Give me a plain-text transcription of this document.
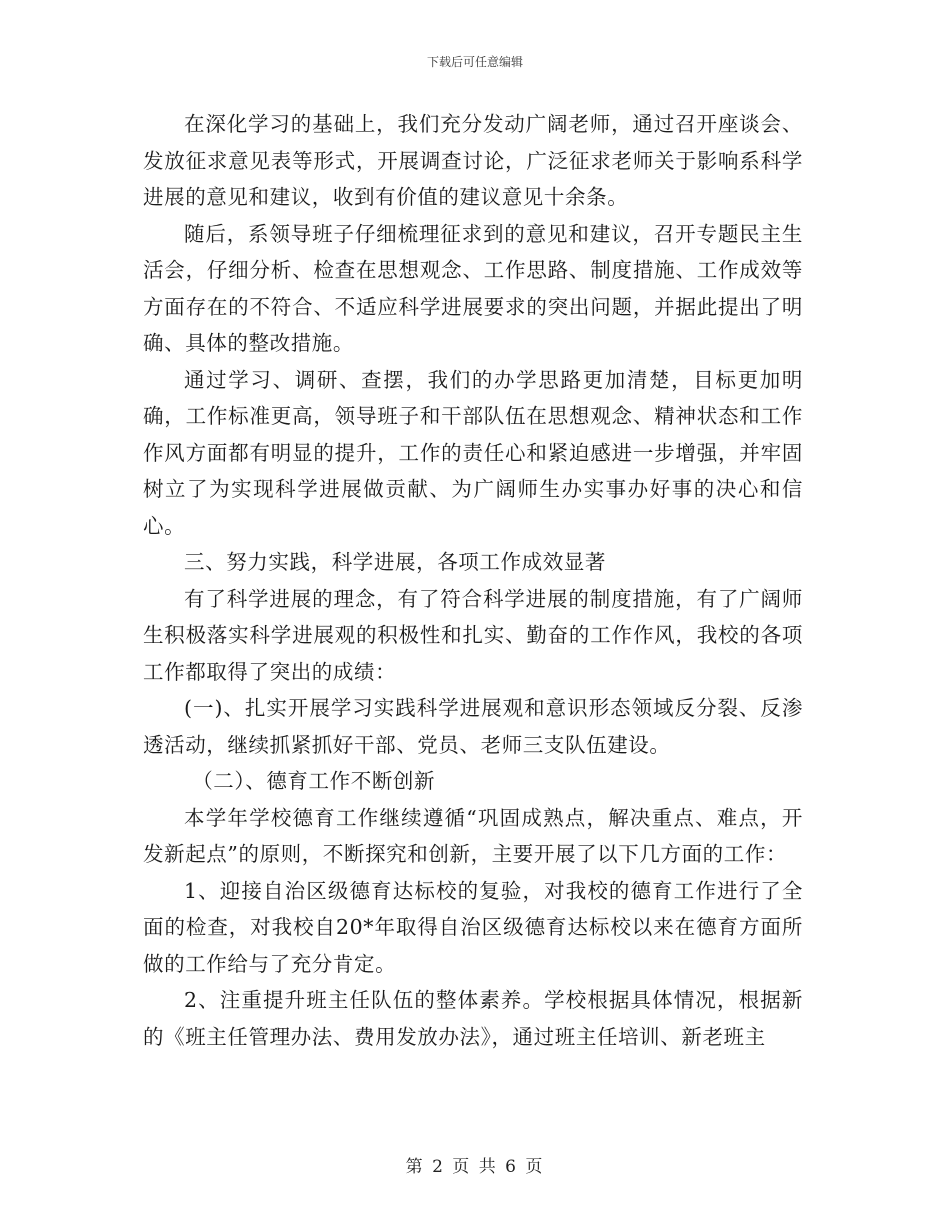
下载后可任意编辑

在深化学习的基础上，我们充分发动广阔老师，通过召开座谈会、发放征求意见表等形式，开展调查讨论，广泛征求老师关于影响系科学进展的意见和建议，收到有价值的建议意见十余条。

随后，系领导班子仔细梳理征求到的意见和建议，召开专题民主生活会，仔细分析、检查在思想观念、工作思路、制度措施、工作成效等方面存在的不符合、不适应科学进展要求的突出问题，并据此提出了明确、具体的整改措施。

通过学习、调研、查摆，我们的办学思路更加清楚，目标更加明确，工作标准更高，领导班子和干部队伍在思想观念、精神状态和工作作风方面都有明显的提升，工作的责任心和紧迫感进一步增强，并牢固树立了为实现科学进展做贡献、为广阔师生办实事办好事的决心和信心。

三、努力实践，科学进展，各项工作成效显著

有了科学进展的理念，有了符合科学进展的制度措施，有了广阔师生积极落实科学进展观的积极性和扎实、勤奋的工作作风，我校的各项工作都取得了突出的成绩：

(一)、扎实开展学习实践科学进展观和意识形态领域反分裂、反渗透活动，继续抓紧抓好干部、党员、老师三支队伍建设。

（二）、德育工作不断创新

本学年学校德育工作继续遵循“巩固成熟点，解决重点、难点，开发新起点”的原则，不断探究和创新，主要开展了以下几方面的工作：

1、迎接自治区级德育达标校的复验，对我校的德育工作进行了全面的检查，对我校自20*年取得自治区级德育达标校以来在德育方面所做的工作给与了充分肯定。

2、注重提升班主任队伍的整体素养。学校根据具体情况，根据新的《班主任管理办法、费用发放办法》，通过班主任培训、新老班主

第 2 页 共 6 页
